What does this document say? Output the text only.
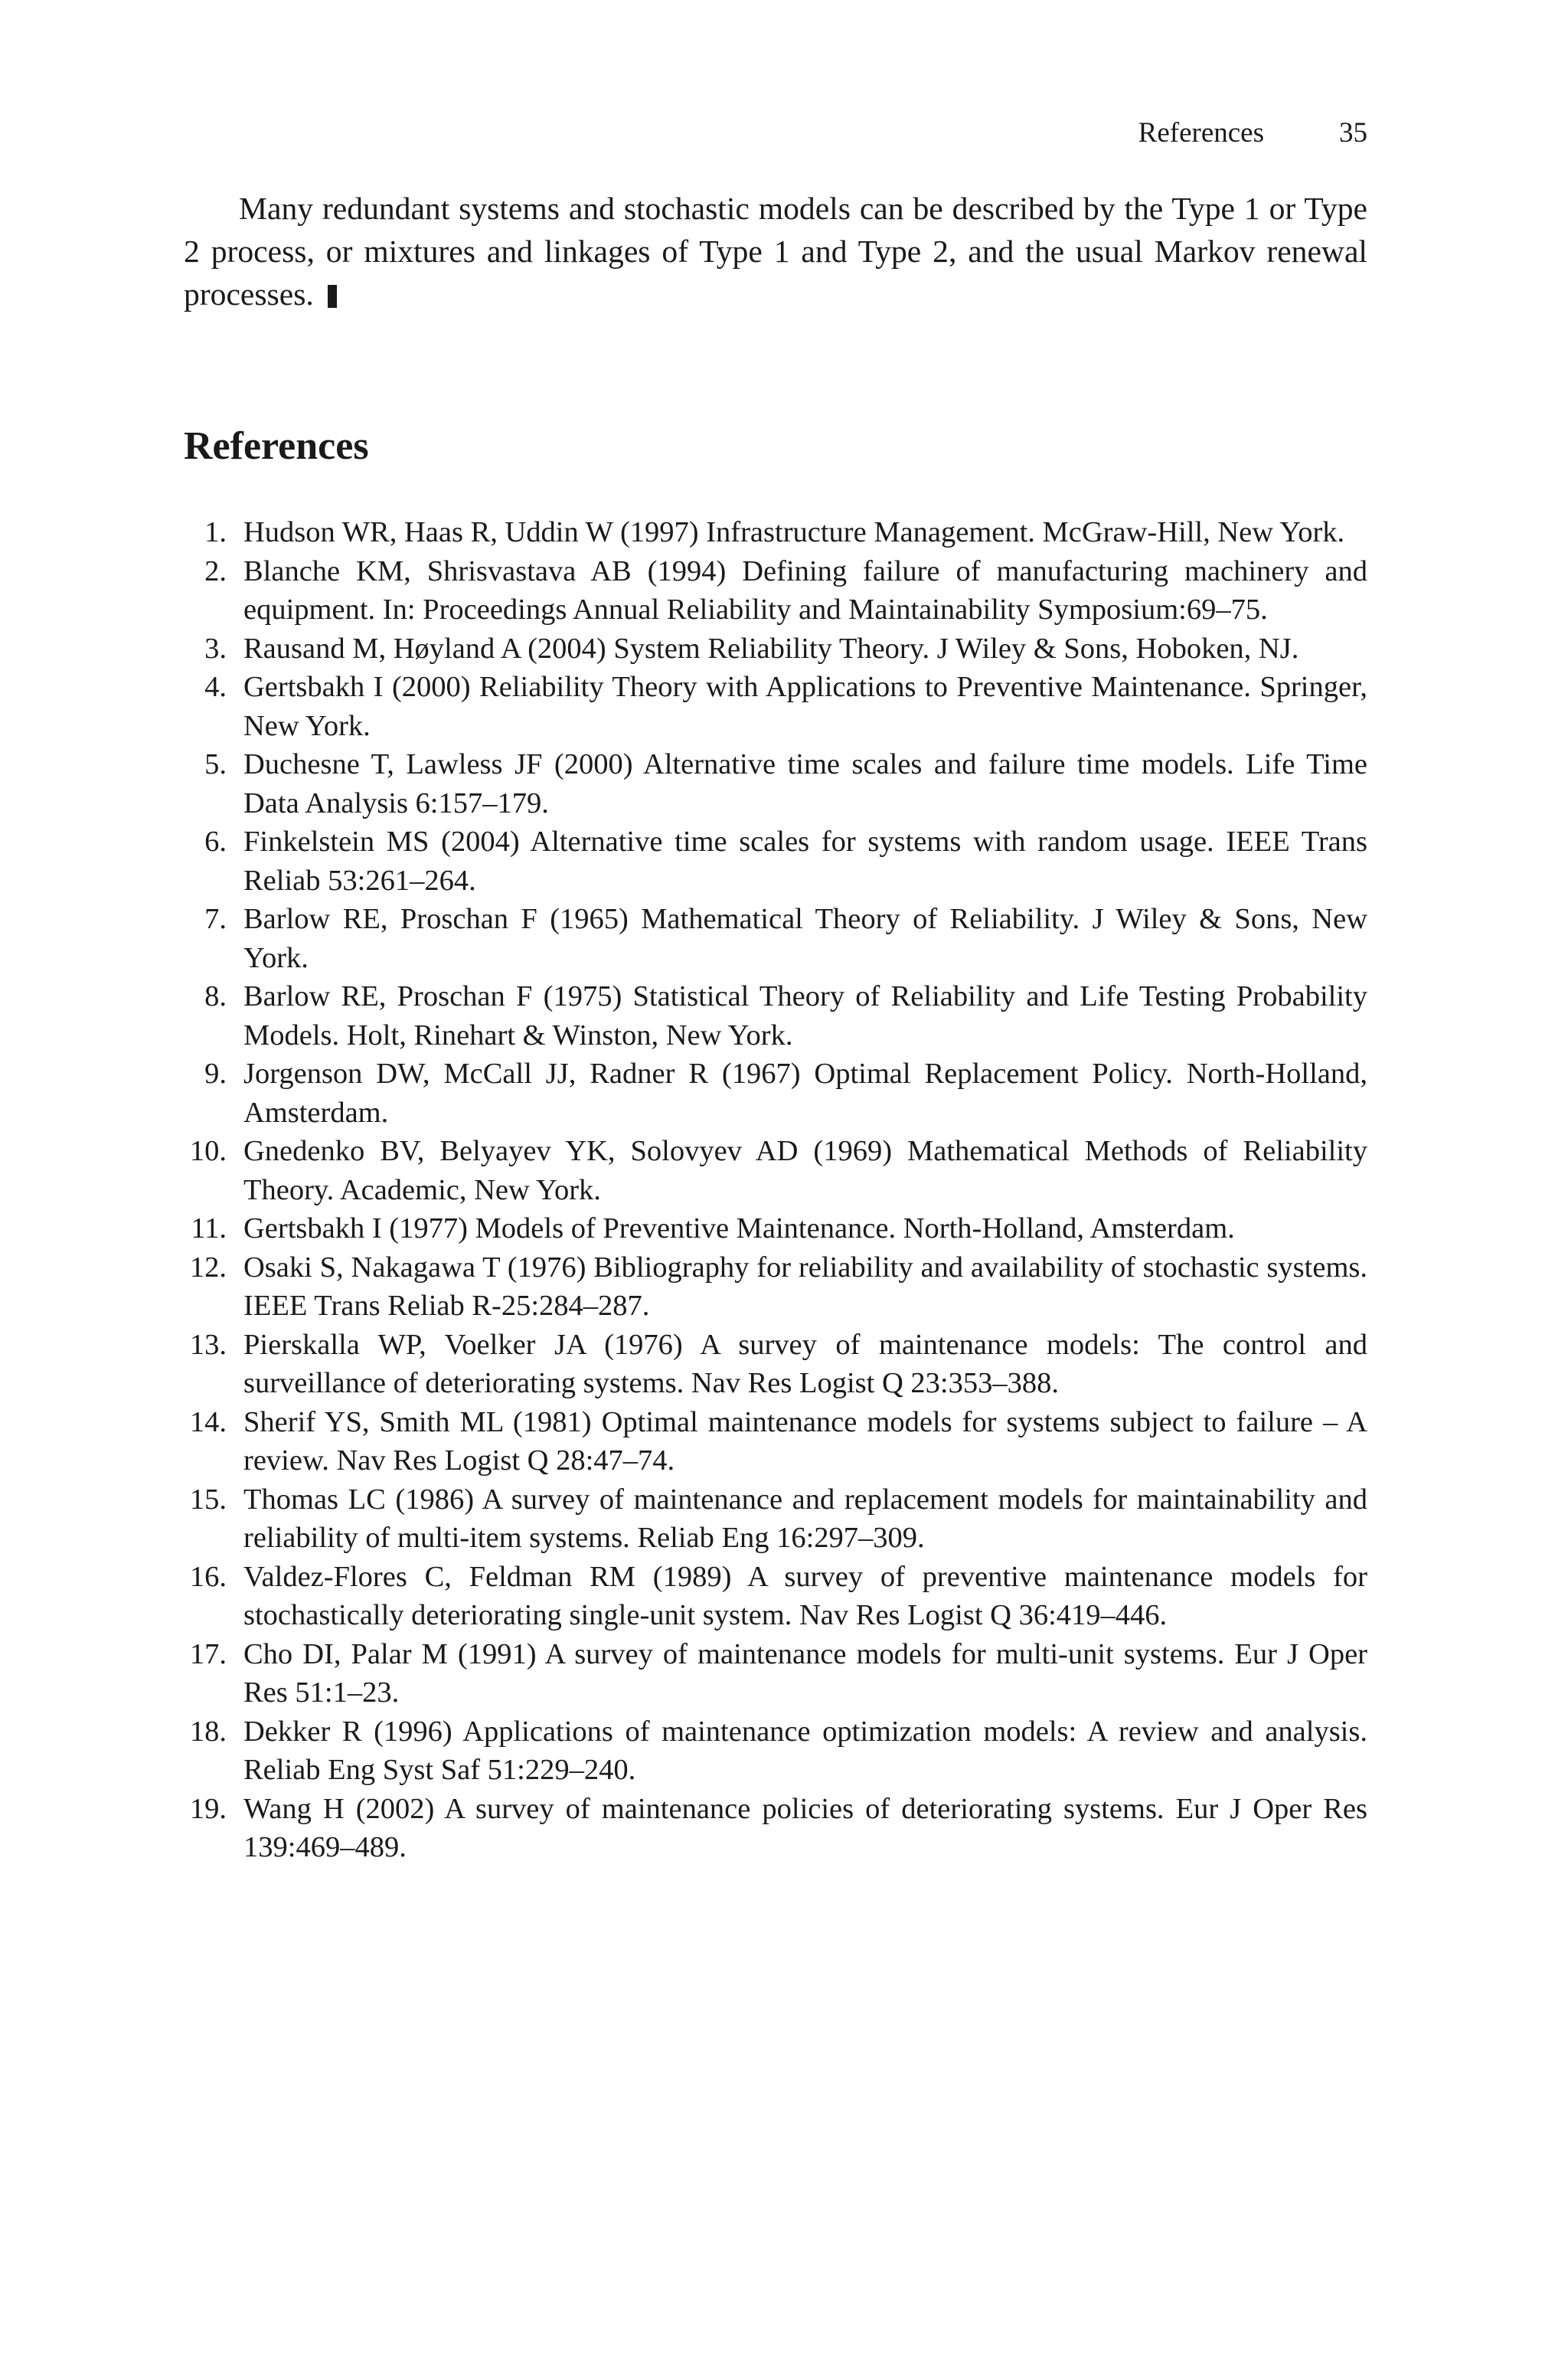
References	35

Many redundant systems and stochastic models can be described by the Type 1 or Type 2 process, or mixtures and linkages of Type 1 and Type 2, and the usual Markov renewal processes.

References
1. Hudson WR, Haas R, Uddin W (1997) Infrastructure Management. McGraw-Hill, New York.
2. Blanche KM, Shrisvastava AB (1994) Defining failure of manufacturing machinery and equipment. In: Proceedings Annual Reliability and Maintainability Symposium:69–75.
3. Rausand M, Høyland A (2004) System Reliability Theory. J Wiley & Sons, Hoboken, NJ.
4. Gertsbakh I (2000) Reliability Theory with Applications to Preventive Maintenance. Springer, New York.
5. Duchesne T, Lawless JF (2000) Alternative time scales and failure time models. Life Time Data Analysis 6:157–179.
6. Finkelstein MS (2004) Alternative time scales for systems with random usage. IEEE Trans Reliab 53:261–264.
7. Barlow RE, Proschan F (1965) Mathematical Theory of Reliability. J Wiley & Sons, New York.
8. Barlow RE, Proschan F (1975) Statistical Theory of Reliability and Life Testing Probability Models. Holt, Rinehart & Winston, New York.
9. Jorgenson DW, McCall JJ, Radner R (1967) Optimal Replacement Policy. North-Holland, Amsterdam.
10. Gnedenko BV, Belyayev YK, Solovyev AD (1969) Mathematical Methods of Reliability Theory. Academic, New York.
11. Gertsbakh I (1977) Models of Preventive Maintenance. North-Holland, Amsterdam.
12. Osaki S, Nakagawa T (1976) Bibliography for reliability and availability of stochastic systems. IEEE Trans Reliab R-25:284–287.
13. Pierskalla WP, Voelker JA (1976) A survey of maintenance models: The control and surveillance of deteriorating systems. Nav Res Logist Q 23:353–388.
14. Sherif YS, Smith ML (1981) Optimal maintenance models for systems subject to failure – A review. Nav Res Logist Q 28:47–74.
15. Thomas LC (1986) A survey of maintenance and replacement models for maintainability and reliability of multi-item systems. Reliab Eng 16:297–309.
16. Valdez-Flores C, Feldman RM (1989) A survey of preventive maintenance models for stochastically deteriorating single-unit system. Nav Res Logist Q 36:419–446.
17. Cho DI, Palar M (1991) A survey of maintenance models for multi-unit systems. Eur J Oper Res 51:1–23.
18. Dekker R (1996) Applications of maintenance optimization models: A review and analysis. Reliab Eng Syst Saf 51:229–240.
19. Wang H (2002) A survey of maintenance policies of deteriorating systems. Eur J Oper Res 139:469–489.
